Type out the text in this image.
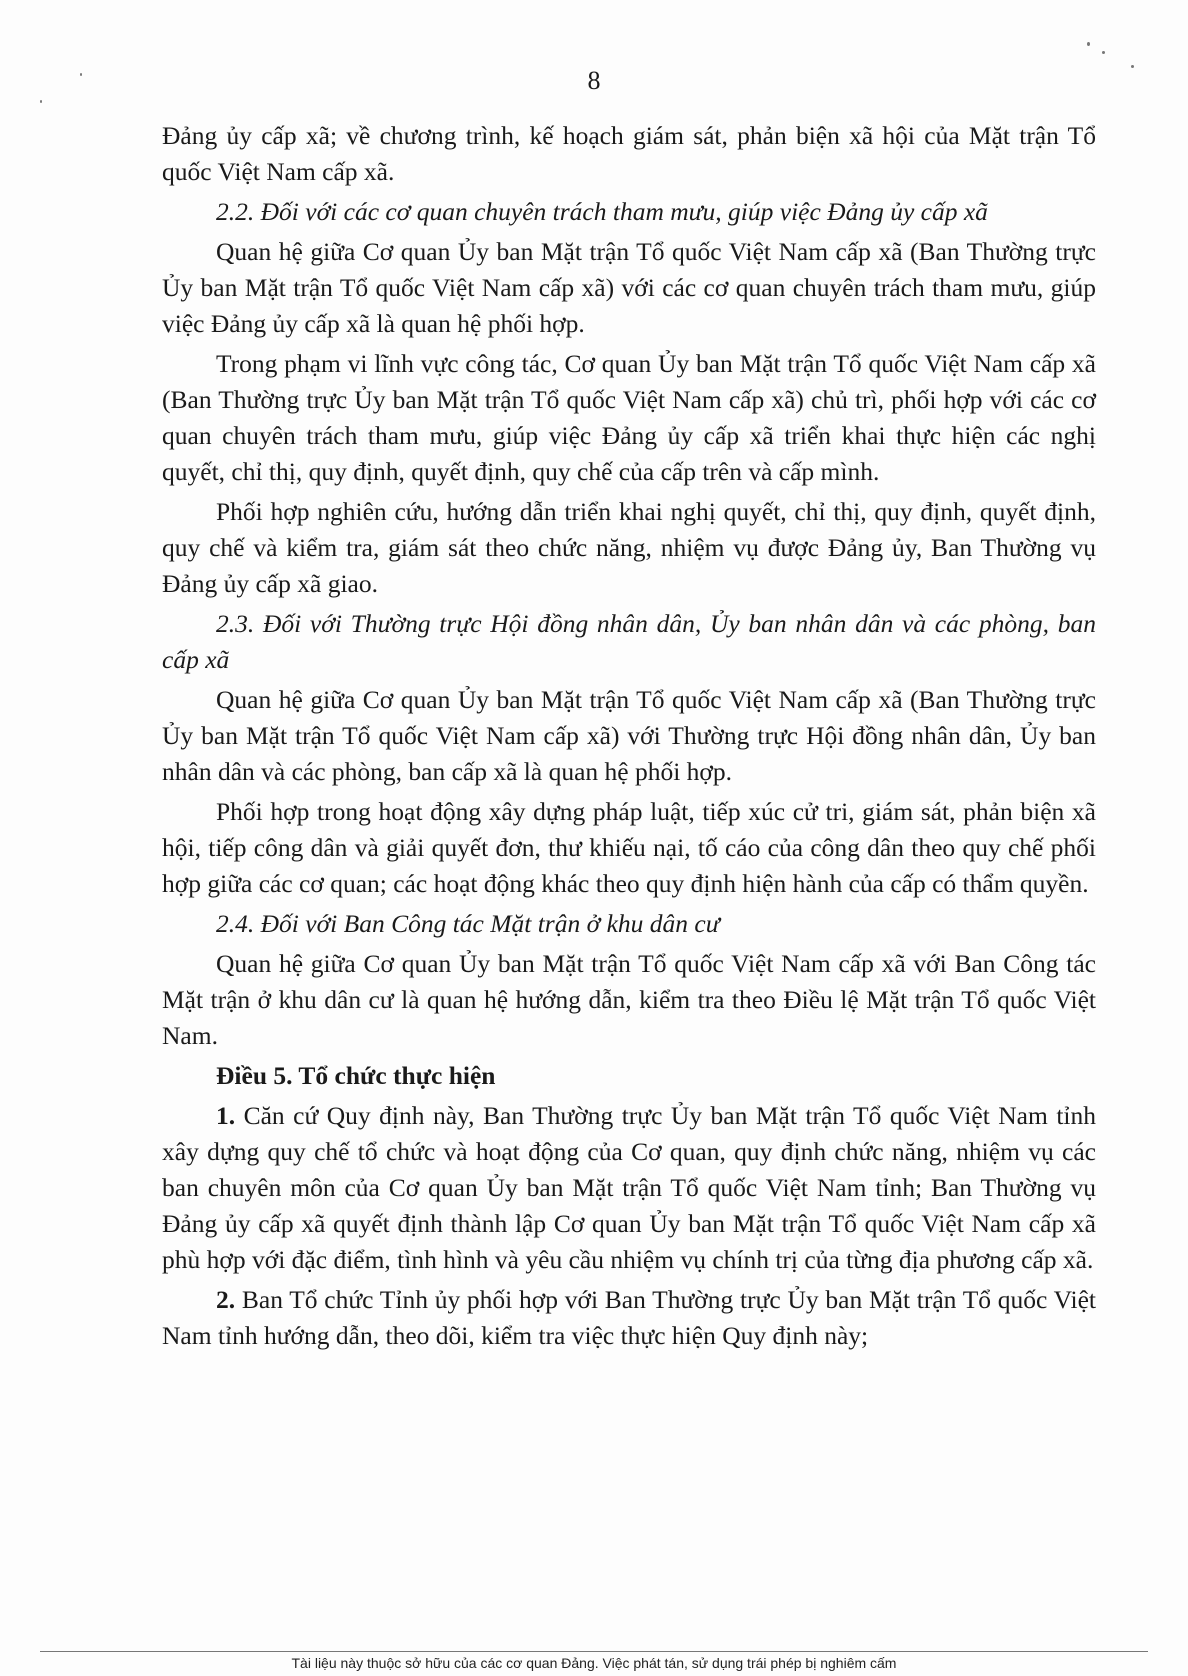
8

Đảng ủy cấp xã; về chương trình, kế hoạch giám sát, phản biện xã hội của Mặt trận Tổ quốc Việt Nam cấp xã.

2.2. Đối với các cơ quan chuyên trách tham mưu, giúp việc Đảng ủy cấp xã

Quan hệ giữa Cơ quan Ủy ban Mặt trận Tổ quốc Việt Nam cấp xã (Ban Thường trực Ủy ban Mặt trận Tổ quốc Việt Nam cấp xã) với các cơ quan chuyên trách tham mưu, giúp việc Đảng ủy cấp xã là quan hệ phối hợp.

Trong phạm vi lĩnh vực công tác, Cơ quan Ủy ban Mặt trận Tổ quốc Việt Nam cấp xã (Ban Thường trực Ủy ban Mặt trận Tổ quốc Việt Nam cấp xã) chủ trì, phối hợp với các cơ quan chuyên trách tham mưu, giúp việc Đảng ủy cấp xã triển khai thực hiện các nghị quyết, chỉ thị, quy định, quyết định, quy chế của cấp trên và cấp mình.

Phối hợp nghiên cứu, hướng dẫn triển khai nghị quyết, chỉ thị, quy định, quyết định, quy chế và kiểm tra, giám sát theo chức năng, nhiệm vụ được Đảng ủy, Ban Thường vụ Đảng ủy cấp xã giao.

2.3. Đối với Thường trực Hội đồng nhân dân, Ủy ban nhân dân và các phòng, ban cấp xã

Quan hệ giữa Cơ quan Ủy ban Mặt trận Tổ quốc Việt Nam cấp xã (Ban Thường trực Ủy ban Mặt trận Tổ quốc Việt Nam cấp xã) với Thường trực Hội đồng nhân dân, Ủy ban nhân dân và các phòng, ban cấp xã là quan hệ phối hợp.

Phối hợp trong hoạt động xây dựng pháp luật, tiếp xúc cử tri, giám sát, phản biện xã hội, tiếp công dân và giải quyết đơn, thư khiếu nại, tố cáo của công dân theo quy chế phối hợp giữa các cơ quan; các hoạt động khác theo quy định hiện hành của cấp có thẩm quyền.

2.4. Đối với Ban Công tác Mặt trận ở khu dân cư

Quan hệ giữa Cơ quan Ủy ban Mặt trận Tổ quốc Việt Nam cấp xã với Ban Công tác Mặt trận ở khu dân cư là quan hệ hướng dẫn, kiểm tra theo Điều lệ Mặt trận Tổ quốc Việt Nam.

Điều 5. Tổ chức thực hiện

1. Căn cứ Quy định này, Ban Thường trực Ủy ban Mặt trận Tổ quốc Việt Nam tỉnh xây dựng quy chế tổ chức và hoạt động của Cơ quan, quy định chức năng, nhiệm vụ các ban chuyên môn của Cơ quan Ủy ban Mặt trận Tổ quốc Việt Nam tỉnh; Ban Thường vụ Đảng ủy cấp xã quyết định thành lập Cơ quan Ủy ban Mặt trận Tổ quốc Việt Nam cấp xã phù hợp với đặc điểm, tình hình và yêu cầu nhiệm vụ chính trị của từng địa phương cấp xã.

2. Ban Tổ chức Tỉnh ủy phối hợp với Ban Thường trực Ủy ban Mặt trận Tổ quốc Việt Nam tỉnh hướng dẫn, theo dõi, kiểm tra việc thực hiện Quy định này;

Tài liệu này thuộc sở hữu của các cơ quan Đảng. Việc phát tán, sử dụng trái phép bị nghiêm cấm
